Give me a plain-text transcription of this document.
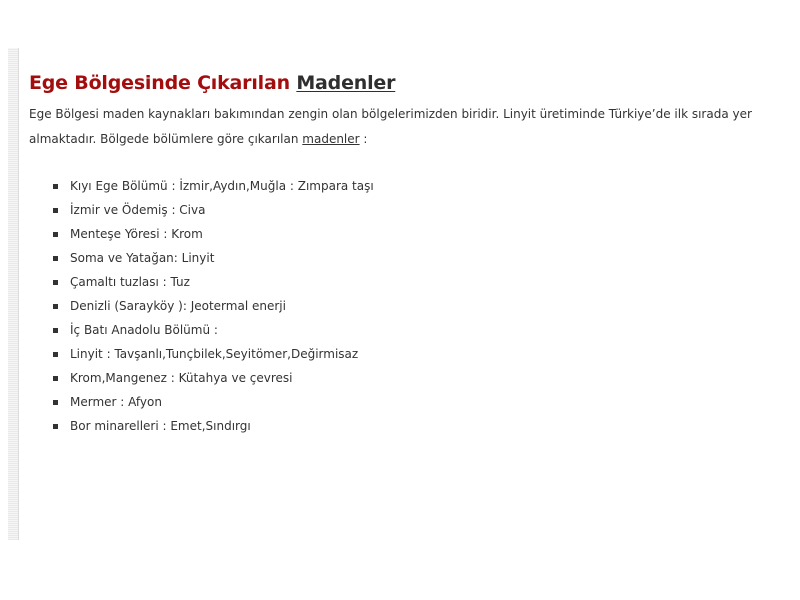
Ege Bölgesinde Çıkarılan Madenler

Ege Bölgesi maden kaynakları bakımından zengin olan bölgelerimizden biridir. Linyit üretiminde Türkiye’de ilk sırada yer almaktadır. Bölgede bölümlere göre çıkarılan madenler :

Kıyı Ege Bölümü : İzmir,Aydın,Muğla : Zımpara taşı
İzmir ve Ödemiş : Civa
Menteşe Yöresi : Krom
Soma ve Yatağan: Linyit
Çamaltı tuzlası : Tuz
Denizli (Sarayköy ): Jeotermal enerji
İç Batı Anadolu Bölümü :
Linyit : Tavşanlı,Tunçbilek,Seyitömer,Değirmisaz
Krom,Mangenez : Kütahya ve çevresi
Mermer : Afyon
Bor minarelleri : Emet,Sındırgı
